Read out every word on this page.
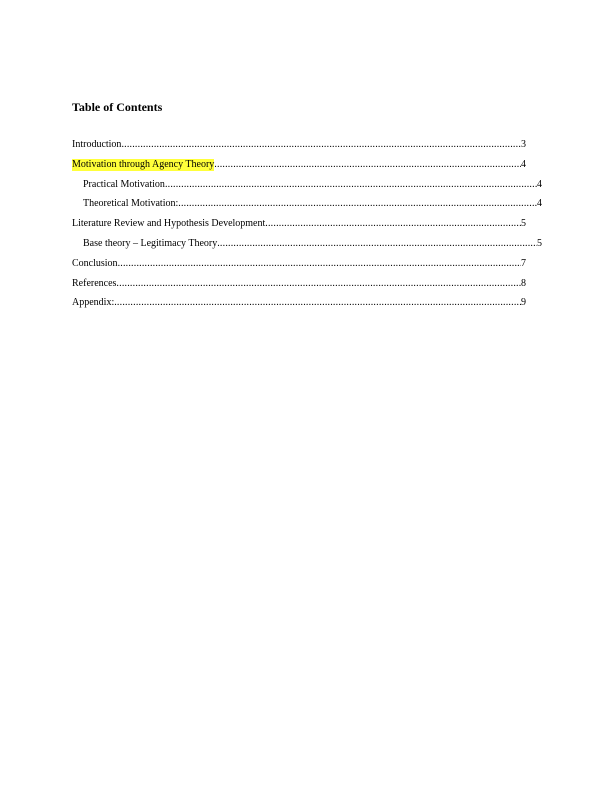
Table of Contents
Introduction .....	3
Motivation through Agency Theory .....	4
Practical Motivation .....	4
Theoretical Motivation: .....	4
Literature Review and Hypothesis Development .....	5
Base theory – Legitimacy Theory .....	5
Conclusion .....	7
References .....	8
Appendix: .....	9
